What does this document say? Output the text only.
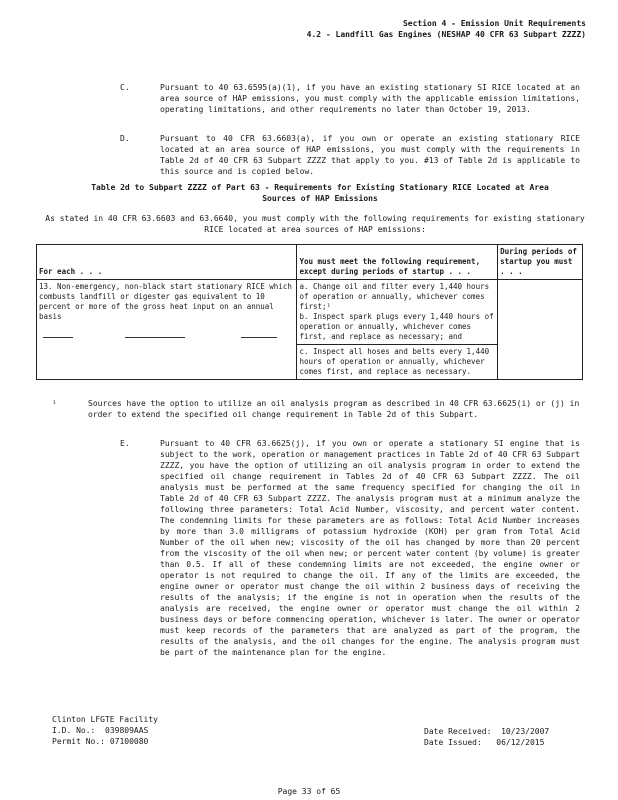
Section 4 - Emission Unit Requirements
4.2 - Landfill Gas Engines (NESHAP 40 CFR 63 Subpart ZZZZ)
C.	Pursuant to 40 63.6595(a)(1), if you have an existing stationary SI RICE located at an area source of HAP emissions, you must comply with the applicable emission limitations, operating limitations, and other requirements no later than October 19, 2013.
D.	Pursuant to 40 CFR 63.6603(a), if you own or operate an existing stationary RICE located at an area source of HAP emissions, you must comply with the requirements in Table 2d of 40 CFR 63 Subpart ZZZZ that apply to you. #13 of Table 2d is applicable to this source and is copied below.
Table 2d to Subpart ZZZZ of Part 63 - Requirements for Existing Stationary RICE Located at Area
Sources of HAP Emissions
As stated in 40 CFR 63.6603 and 63.6640, you must comply with the following requirements for existing stationary RICE located at area sources of HAP emissions:
For each . . .	You must meet the following requirement, except during periods of startup . . .	During periods of startup you must . . .

13. Non-emergency, non-black start stationary RICE which combusts landfill or digester gas equivalent to 10 percent or more of the gross heat input on an annual basis	a. Change oil and filter every 1,440 hours of operation or annually, whichever comes first;¹
b. Inspect spark plugs every 1,440 hours of operation or annually, whichever comes first, and replace as necessary; and	

	c. Inspect all hoses and belts every 1,440 hours of operation or annually, whichever comes first, and replace as necessary.	
¹	Sources have the option to utilize an oil analysis program as described in 40 CFR 63.6625(i) or (j) in order to extend the specified oil change requirement in Table 2d of this Subpart.
E.	Pursuant to 40 CFR 63.6625(j), if you own or operate a stationary SI engine that is subject to the work, operation or management practices in Table 2d of 40 CFR 63 Subpart ZZZZ, you have the option of utilizing an oil analysis program in order to extend the specified oil change requirement in Tables 2d of 40 CFR 63 Subpart ZZZZ. The oil analysis must be performed at the same frequency specified for changing the oil in Table 2d of 40 CFR 63 Subpart ZZZZ. The analysis program must at a minimum analyze the following three parameters: Total Acid Number, viscosity, and percent water content. The condemning limits for these parameters are as follows: Total Acid Number increases by more than 3.0 milligrams of potassium hydroxide (KOH) per gram from Total Acid Number of the oil when new; viscosity of the oil has changed by more than 20 percent from the viscosity of the oil when new; or percent water content (by volume) is greater than 0.5. If all of these condemning limits are not exceeded, the engine owner or operator is not required to change the oil. If any of the limits are exceeded, the engine owner or operator must change the oil within 2 business days of receiving the results of the analysis; if the engine is not in operation when the results of the analysis are received, the engine owner or operator must change the oil within 2 business days or before commencing operation, whichever is later. The owner or operator must keep records of the parameters that are analyzed as part of the program, the results of the analysis, and the oil changes for the engine. The analysis program must be part of the maintenance plan for the engine.
Clinton LFGTE Facility
I.D. No.: 039809AAS
Permit No.: 07100080
Date Received: 10/23/2007
Date Issued: 06/12/2015
Page 33 of 65
